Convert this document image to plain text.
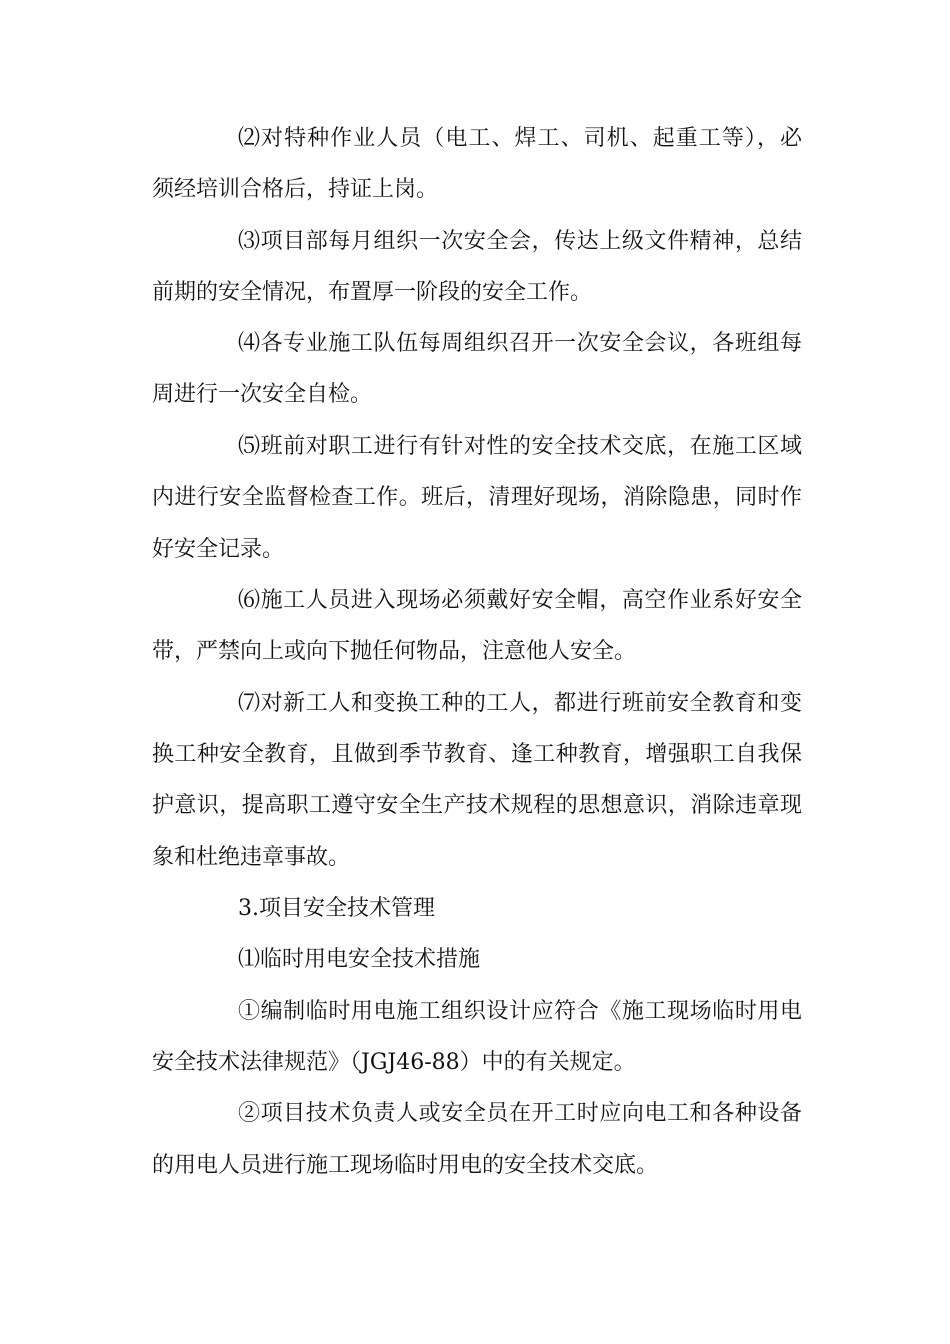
⑵对特种作业人员（电工、焊工、司机、起重工等），必
须经培训合格后，持证上岗。
⑶项目部每月组织一次安全会，传达上级文件精神，总结
前期的安全情况，布置厚一阶段的安全工作。
⑷各专业施工队伍每周组织召开一次安全会议，各班组每
周进行一次安全自检。
⑸班前对职工进行有针对性的安全技术交底，在施工区域
内进行安全监督检查工作。班后，清理好现场，消除隐患，同时作
好安全记录。
⑹施工人员进入现场必须戴好安全帽，高空作业系好安全
带，严禁向上或向下抛任何物品，注意他人安全。
⑺对新工人和变换工种的工人，都进行班前安全教育和变
换工种安全教育，且做到季节教育、逢工种教育，增强职工自我保
护意识，提高职工遵守安全生产技术规程的思想意识，消除违章现
象和杜绝违章事故。
3.项目安全技术管理
⑴临时用电安全技术措施
①编制临时用电施工组织设计应符合《施工现场临时用电
安全技术法律规范》（JGJ46-88）中的有关规定。
②项目技术负责人或安全员在开工时应向电工和各种设备
的用电人员进行施工现场临时用电的安全技术交底。
